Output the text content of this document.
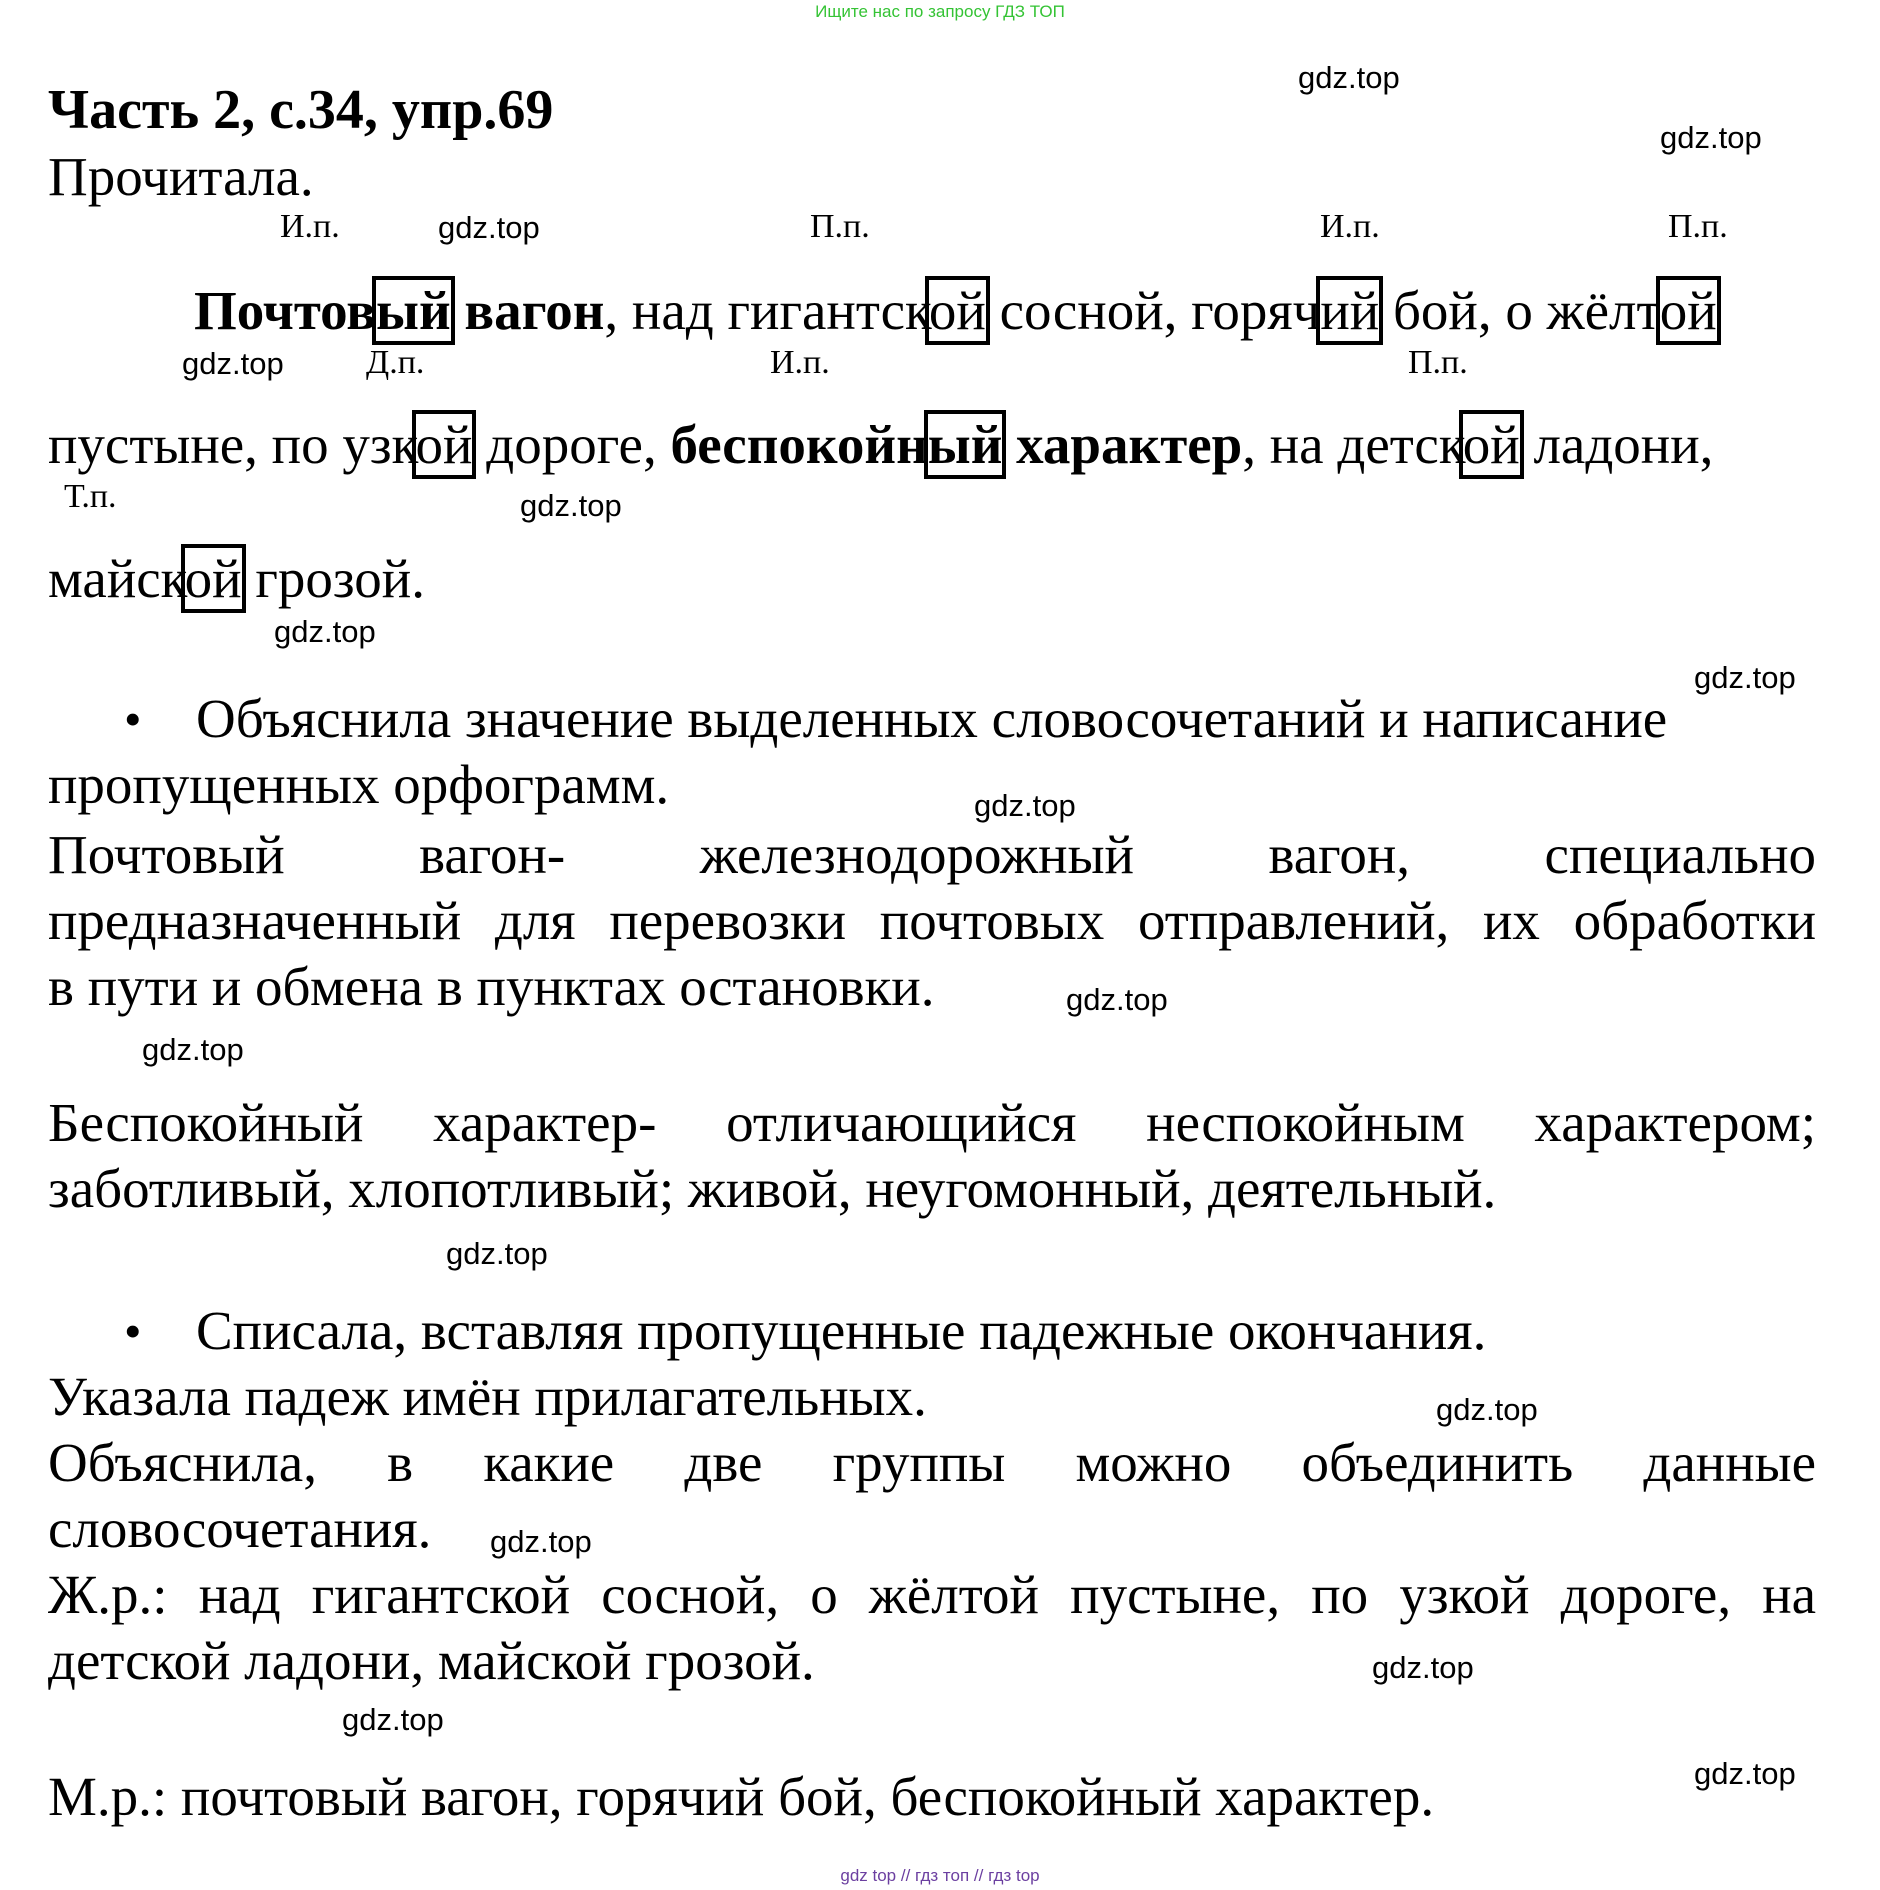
Ищите нас по запросу ГДЗ ТОП
Часть 2, с.34, упр.69
Прочитала.
И.п.	П.п.	И.п.	П.п.
Почтовый вагон, над гигантской сосной, горячий бой, о жёлтой
Д.п.	И.п.	П.п.
пустыне, по узкой дороге, беспокойный характер, на детской ладони,
Т.п.
майской грозой.
• Объяснила значение выделенных словосочетаний и написание
пропущенных орфограмм.
Почтовый вагон- железнодорожный вагон, специально
предназначенный для перевозки почтовых отправлений, их обработки
в пути и обмена в пунктах остановки.
Беспокойный характер- отличающийся неспокойным характером;
заботливый, хлопотливый; живой, неугомонный, деятельный.
• Списала, вставляя пропущенные падежные окончания.
Указала падеж имён прилагательных.
Объяснила, в какие две группы можно объединить данные
словосочетания.
Ж.р.: над гигантской сосной, о жёлтой пустыне, по узкой дороге, на
детской ладони, майской грозой.
М.р.: почтовый вагон, горячий бой, беспокойный характер.
gdz.top
gdz.top
gdz.top
gdz.top
gdz.top
gdz.top
gdz.top
gdz.top
gdz.top
gdz.top
gdz.top
gdz.top
gdz.top
gdz.top
gdz.top
gdz.top
gdz top // гдз топ // гдз top
